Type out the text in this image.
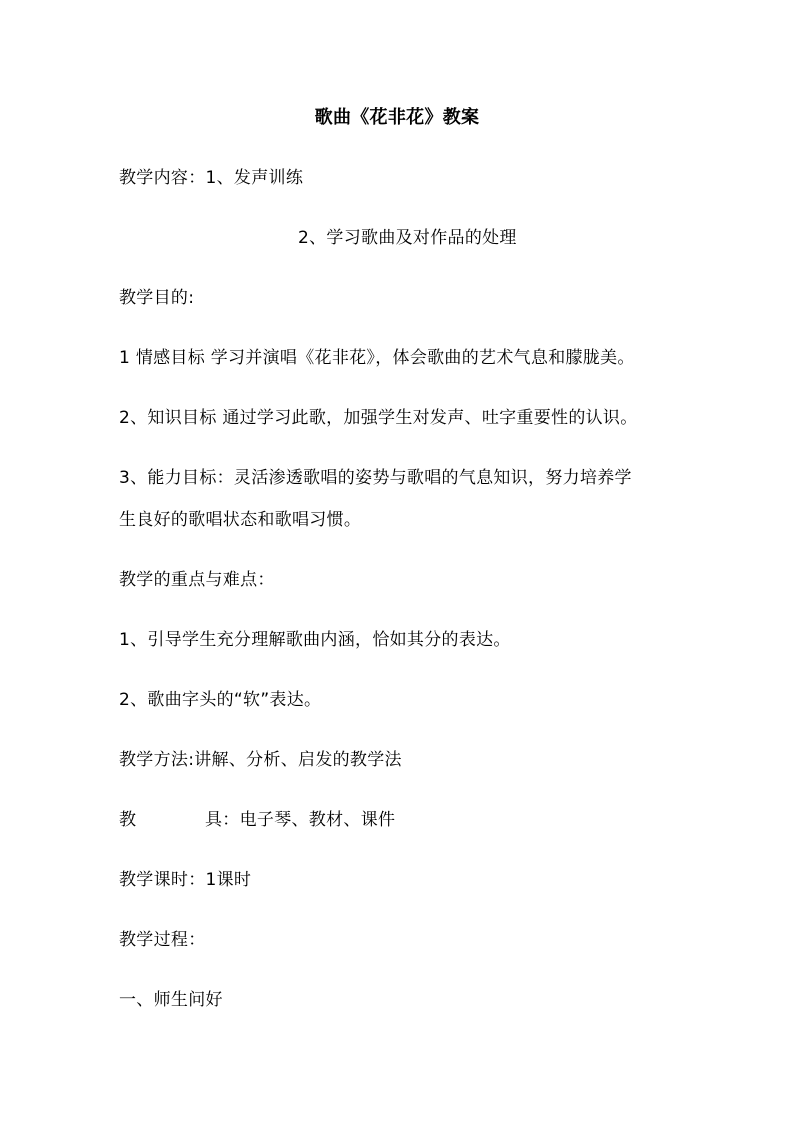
歌曲《花非花》教案
教学内容：1、发声训练
2、学习歌曲及对作品的处理
教学目的:
1 情感目标 学习并演唱《花非花》，体会歌曲的艺术气息和朦胧美。
2、知识目标 通过学习此歌，加强学生对发声、吐字重要性的认识。
3、能力目标：灵活渗透歌唱的姿势与歌唱的气息知识，努力培养学
生良好的歌唱状态和歌唱习惯。
教学的重点与难点：
1、引导学生充分理解歌曲内涵，恰如其分的表达。
2、歌曲字头的“软”表达。
教学方法:讲解、分析、启发的教学法
教	具：电子琴、教材、课件
教学课时：1课时
教学过程：
一、师生问好
